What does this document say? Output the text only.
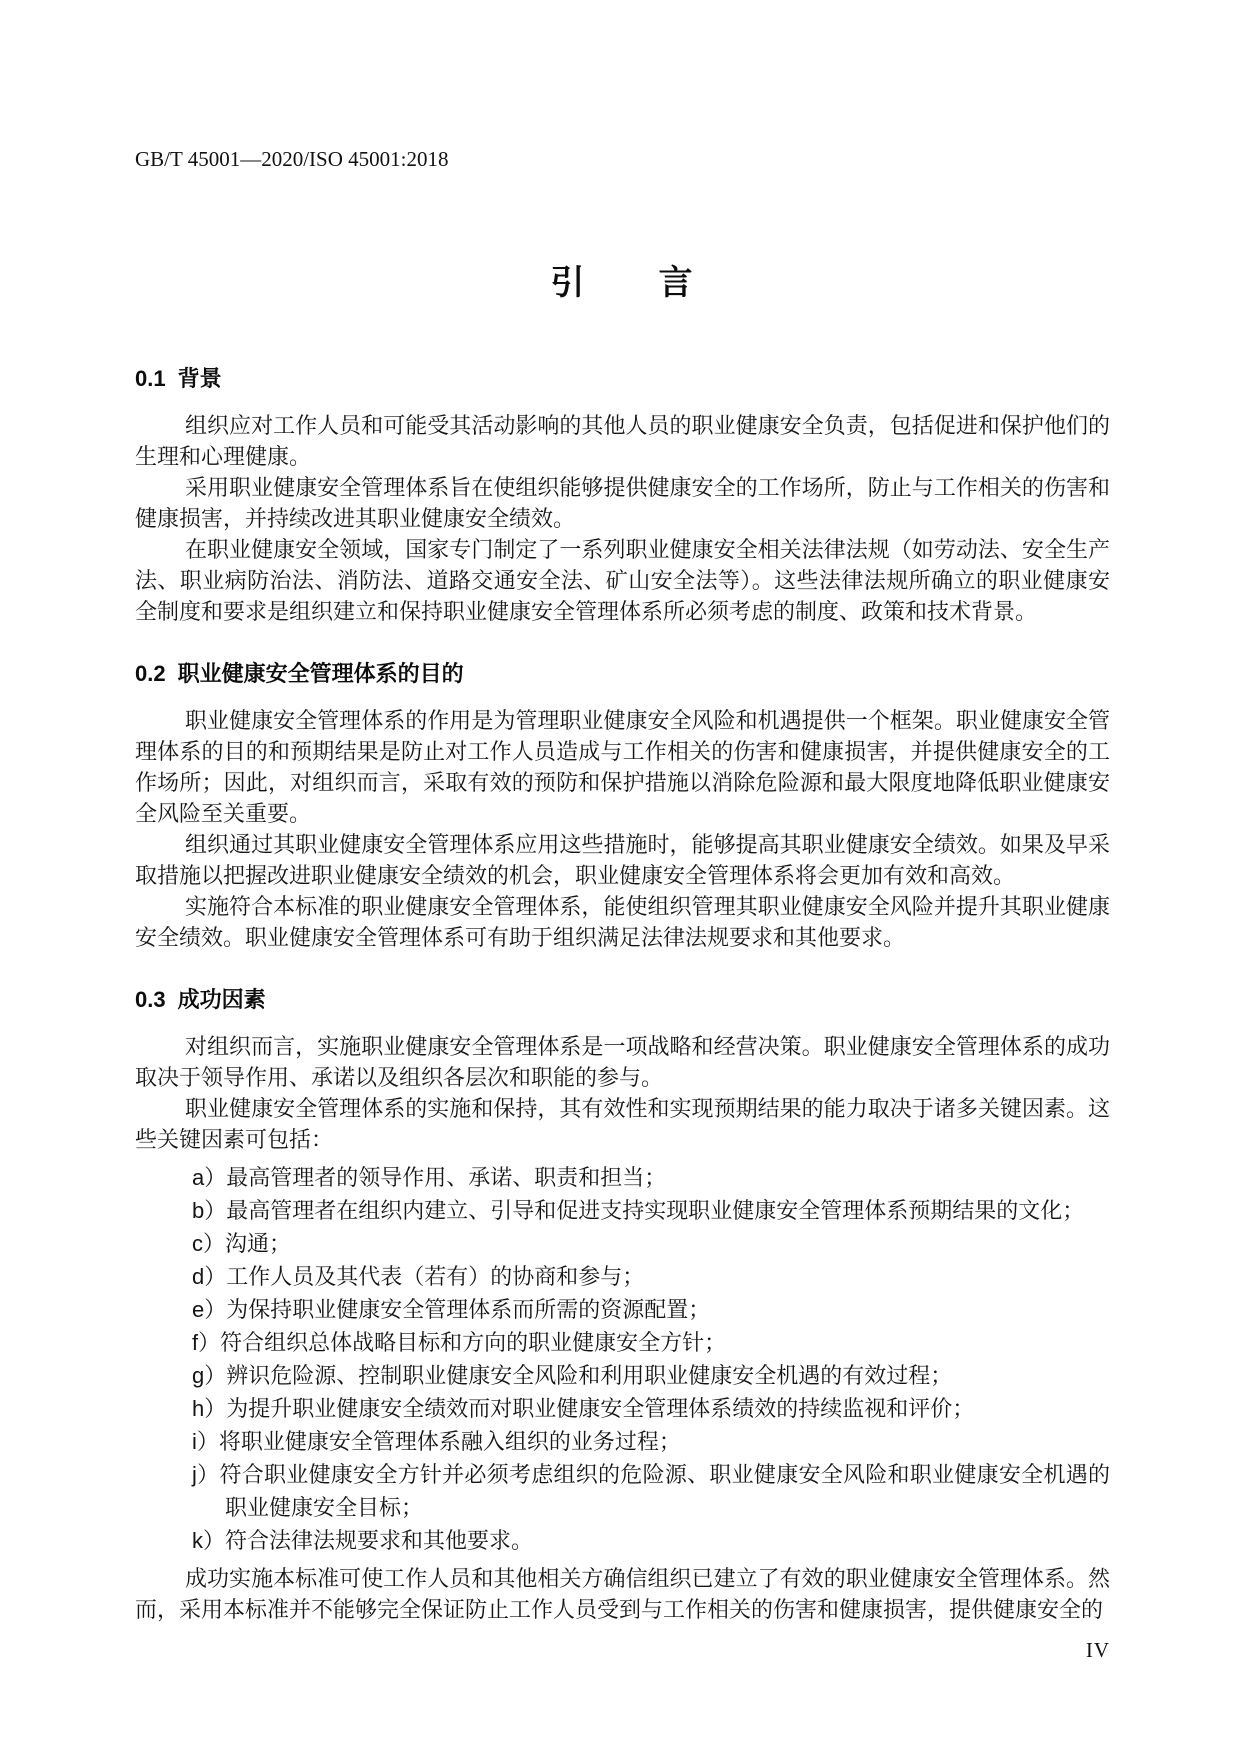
GB/T 45001—2020/ISO 45001:2018
引　　言
0.1 背景

组织应对工作人员和可能受其活动影响的其他人员的职业健康安全负责，包括促进和保护他们的生理和心理健康。

采用职业健康安全管理体系旨在使组织能够提供健康安全的工作场所，防止与工作相关的伤害和健康损害，并持续改进其职业健康安全绩效。

在职业健康安全领域，国家专门制定了一系列职业健康安全相关法律法规（如劳动法、安全生产法、职业病防治法、消防法、道路交通安全法、矿山安全法等）。这些法律法规所确立的职业健康安全制度和要求是组织建立和保持职业健康安全管理体系所必须考虑的制度、政策和技术背景。

0.2 职业健康安全管理体系的目的

职业健康安全管理体系的作用是为管理职业健康安全风险和机遇提供一个框架。职业健康安全管理体系的目的和预期结果是防止对工作人员造成与工作相关的伤害和健康损害，并提供健康安全的工作场所；因此，对组织而言，采取有效的预防和保护措施以消除危险源和最大限度地降低职业健康安全风险至关重要。

组织通过其职业健康安全管理体系应用这些措施时，能够提高其职业健康安全绩效。如果及早采取措施以把握改进职业健康安全绩效的机会，职业健康安全管理体系将会更加有效和高效。

实施符合本标准的职业健康安全管理体系，能使组织管理其职业健康安全风险并提升其职业健康安全绩效。职业健康安全管理体系可有助于组织满足法律法规要求和其他要求。

0.3 成功因素

对组织而言，实施职业健康安全管理体系是一项战略和经营决策。职业健康安全管理体系的成功取决于领导作用、承诺以及组织各层次和职能的参与。

职业健康安全管理体系的实施和保持，其有效性和实现预期结果的能力取决于诸多关键因素。这些关键因素可包括：

a）最高管理者的领导作用、承诺、职责和担当；
b）最高管理者在组织内建立、引导和促进支持实现职业健康安全管理体系预期结果的文化；
c）沟通；
d）工作人员及其代表（若有）的协商和参与；
e）为保持职业健康安全管理体系而所需的资源配置；
f）符合组织总体战略目标和方向的职业健康安全方针；
g）辨识危险源、控制职业健康安全风险和利用职业健康安全机遇的有效过程；
h）为提升职业健康安全绩效而对职业健康安全管理体系绩效的持续监视和评价；
i）将职业健康安全管理体系融入组织的业务过程；
j）符合职业健康安全方针并必须考虑组织的危险源、职业健康安全风险和职业健康安全机遇的职业健康安全目标；
k）符合法律法规要求和其他要求。

成功实施本标准可使工作人员和其他相关方确信组织已建立了有效的职业健康安全管理体系。然而，采用本标准并不能够完全保证防止工作人员受到与工作相关的伤害和健康损害，提供健康安全的

IV
